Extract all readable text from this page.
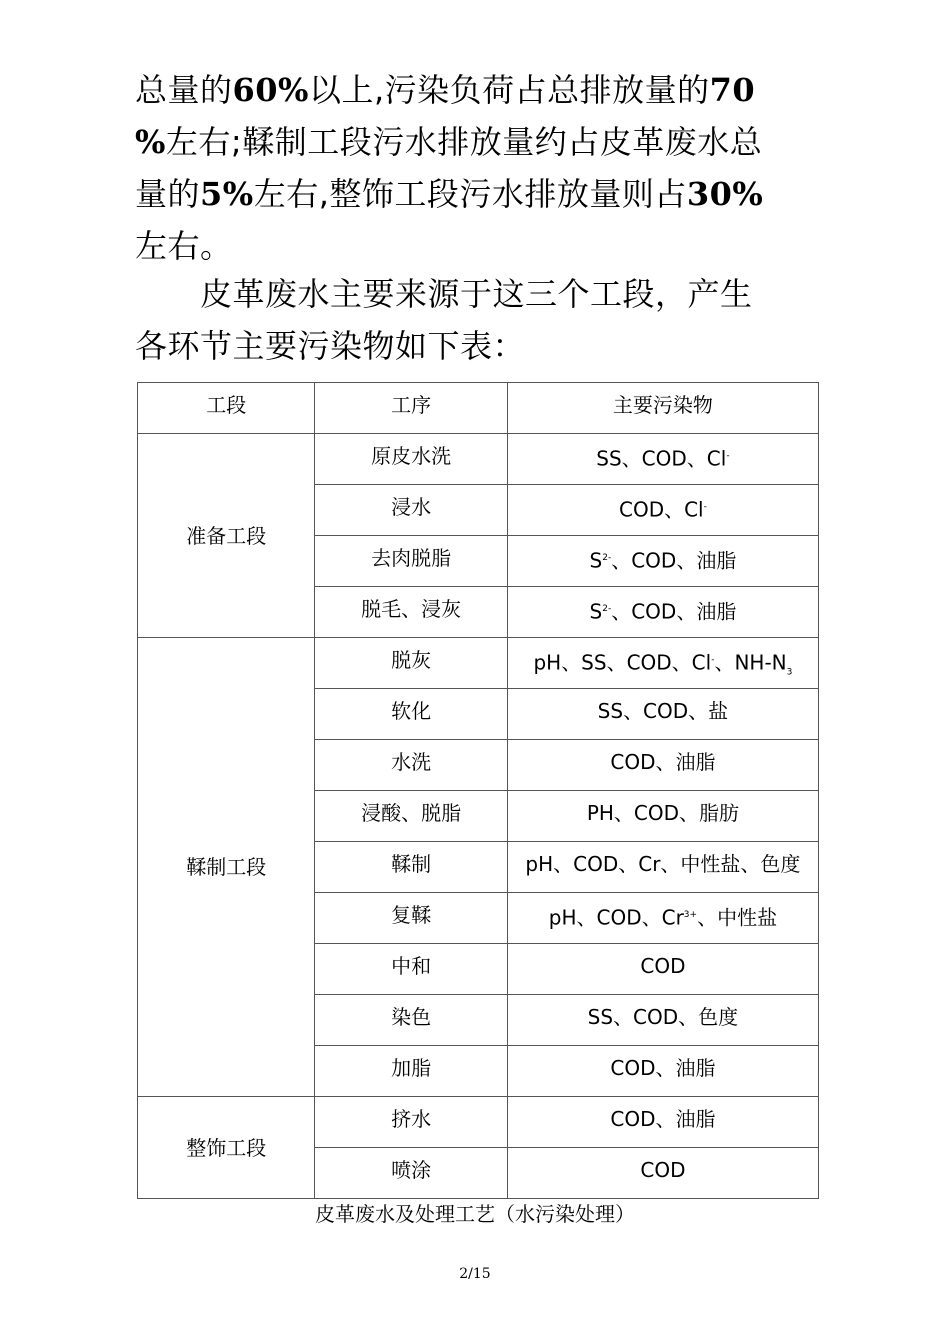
总量的60%以上,污染负荷占总排放量的70
%左右;鞣制工段污水排放量约占皮革废水总
量的5%左右,整饰工段污水排放量则占30%
左右。
　　皮革废水主要来源于这三个工段，产生
各环节主要污染物如下表：
工段	工序	主要污染物

准备工段	原皮水洗	SS、COD、Cl-

	浸水	COD、Cl-

	去肉脱脂	$S^{2-}$、COD、油脂

	脱毛、浸灰	$S^{2-}$、COD、油脂

鞣制工段	脱灰	pH、SS、COD、Cl-、$NH-N_3$

	软化	SS、COD、盐

	水洗	COD、油脂

	浸酸、脱脂	PH、COD、脂肪

	鞣制	pH、COD、Cr、中性盐、色度

	复鞣	pH、COD、$Cr^{3+}$、中性盐

	中和	COD

	染色	SS、COD、色度

	加脂	COD、油脂

整饰工段	挤水	COD、油脂

	喷涂	COD
皮革废水及处理工艺（水污染处理）
2/15
